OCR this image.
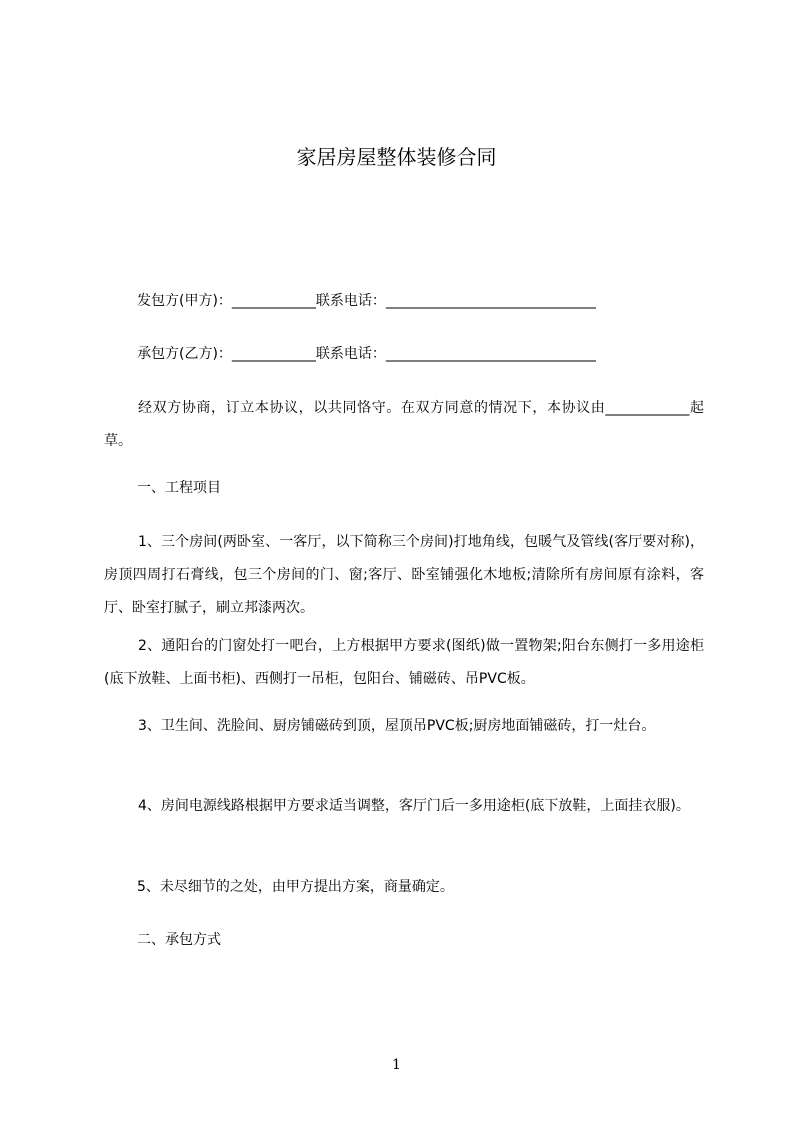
家居房屋整体装修合同
发包方(甲方)：____________联系电话：______________________________
承包方(乙方)：____________联系电话：______________________________
经双方协商，订立本协议，以共同恪守。在双方同意的情况下，本协议由____________起草。
一、工程项目
1、三个房间(两卧室、一客厅，以下简称三个房间)打地角线，包暖气及管线(客厅要对称)，房顶四周打石膏线，包三个房间的门、窗;客厅、卧室铺强化木地板;清除所有房间原有涂料，客厅、卧室打腻子，刷立邦漆两次。
2、通阳台的门窗处打一吧台，上方根据甲方要求(图纸)做一置物架;阳台东侧打一多用途柜(底下放鞋、上面书柜)、西侧打一吊柜，包阳台、铺磁砖、吊PVC板。
3、卫生间、洗脸间、厨房铺磁砖到顶，屋顶吊PVC板;厨房地面铺磁砖，打一灶台。
4、房间电源线路根据甲方要求适当调整，客厅门后一多用途柜(底下放鞋，上面挂衣服)。
5、未尽细节的之处，由甲方提出方案，商量确定。
二、承包方式
1
